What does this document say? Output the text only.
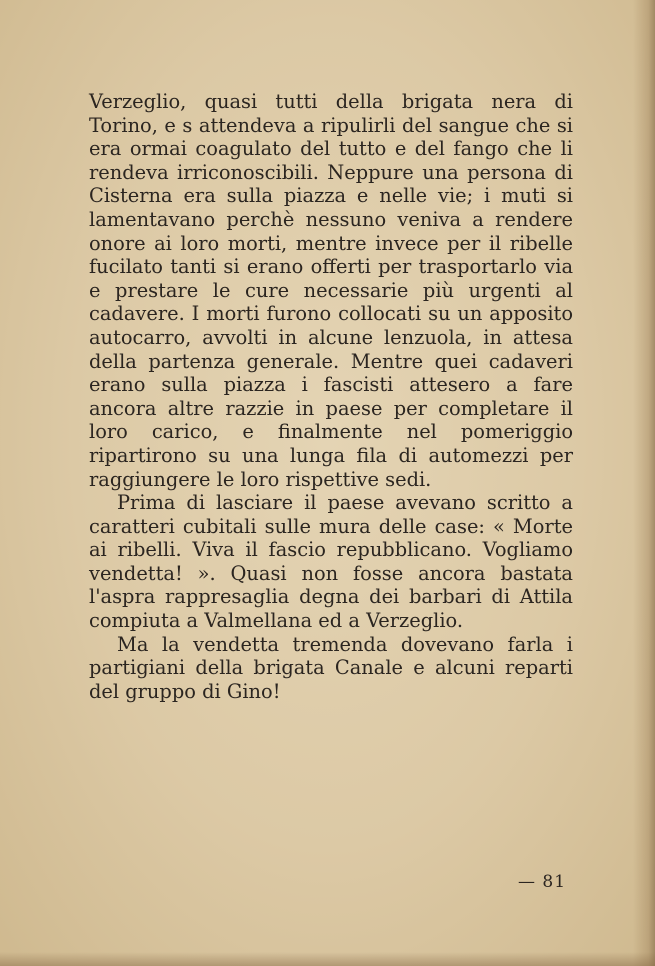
Verzeglio, quasi tutti della brigata nera di Torino, e s attendeva a ripulirli del sangue che si era ormai coagulato del tutto e del fango che li rendeva irriconoscibili. Neppure una persona di Cisterna era sulla piazza e nelle vie; i muti si lamentavano perchè nessuno veniva a rendere onore ai loro morti, mentre invece per il ribelle fucilato tanti si erano offerti per trasportarlo via e prestare le cure necessarie più urgenti al cadavere. I morti furono collocati su un apposito autocarro, avvolti in alcune lenzuola, in attesa della partenza generale. Mentre quei cadaveri erano sulla piazza i fascisti attesero a fare ancora altre razzie in paese per completare il loro carico, e finalmente nel pomeriggio ripartirono su una lunga fila di automezzi per raggiungere le loro rispettive sedi.

Prima di lasciare il paese avevano scritto a caratteri cubitali sulle mura delle case: « Morte ai ribelli. Viva il fascio repubblicano. Vogliamo vendetta! ». Quasi non fosse ancora bastata l'aspra rappresaglia degna dei barbari di Attila compiuta a Valmellana ed a Verzeglio.

Ma la vendetta tremenda dovevano farla i partigiani della brigata Canale e alcuni reparti del gruppo di Gino!

— 81
